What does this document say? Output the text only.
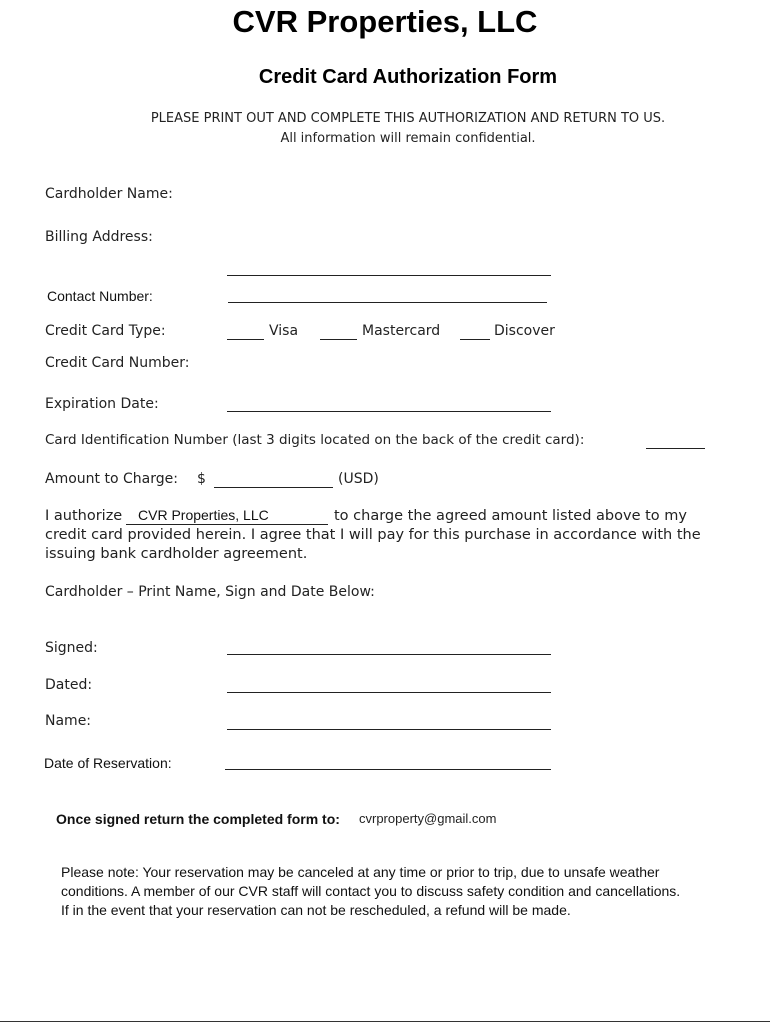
CVR Properties, LLC
Credit Card Authorization Form
PLEASE PRINT OUT AND COMPLETE THIS AUTHORIZATION AND RETURN TO US.
All information will remain confidential.
Cardholder Name:
Billing Address:
Contact Number:
Credit Card Type:	Visa	Mastercard	Discover
Credit Card Number:
Expiration Date:
Card Identification Number (last 3 digits located on the back of the credit card):
Amount to Charge: $	(USD)
I authorize CVR Properties, LLC	to charge the agreed amount listed above to my
credit card provided herein. I agree that I will pay for this purchase in accordance with the
issuing bank cardholder agreement.
Cardholder – Print Name, Sign and Date Below:
Signed:
Dated:
Name:
Date of Reservation:
Once signed return the completed form to: cvrproperty@gmail.com
Please note: Your reservation may be canceled at any time or prior to trip, due to unsafe weather
conditions. A member of our CVR staff will contact you to discuss safety condition and cancellations.
If in the event that your reservation can not be rescheduled, a refund will be made.
